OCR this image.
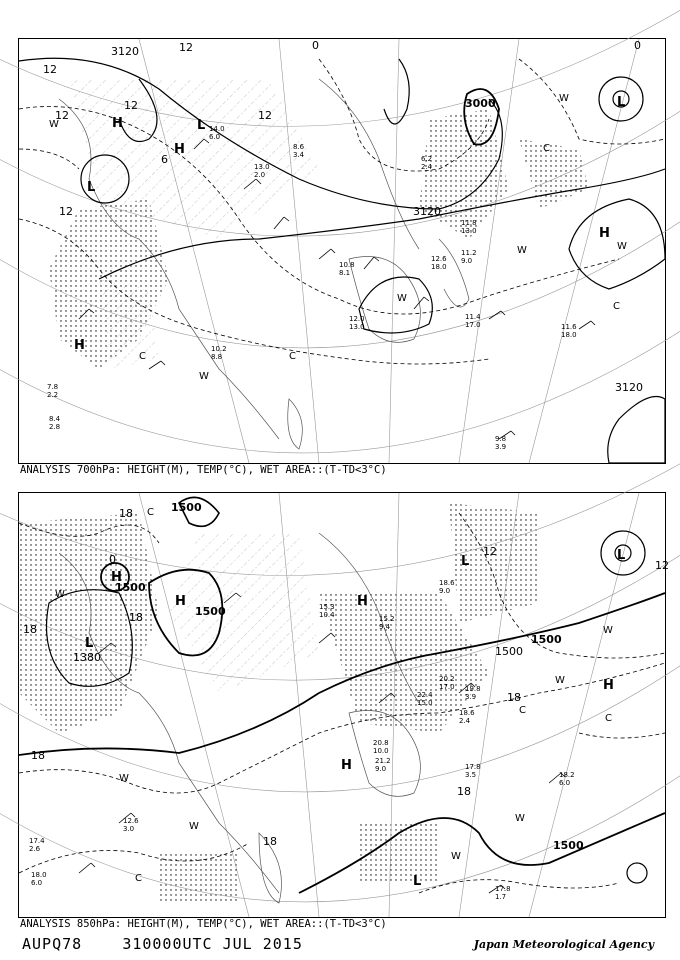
3120
3000
3120
3120
12
12
12
12
12
12	0	0
6
H
H
H
H
L
L
L
W
W
W
W	W
W
C
C
C
C
14.0
6.0
13.0
2.0
10.8
8.1
11.8
13.0
11.2
9.0
12.6
18.0
11.4
17.0	11.6
18.0
9.8
3.9
10.2
8.8
6.2
2.4
8.6
3.4
12.0
13.0
7.8
2.2
8.4
2.8
ANALYSIS 700hPa: HEIGHT(M), TEMP(°C), WET AREA::(T-TD<3°C)
1500
1500
1500
1500
1380
1500
1500
18
18
18
18
18
18
18
12
12
0
H
H	H
H
H
L	L
L
L
W
W
W
W
W
W
W
C
C
C
C
18.6
9.0
15.2
9.4
20.2
17.0
22.4
15.0
18.6
2.4
19.8
3.9
17.8
3.5	18.2
6.0
17.8
1.7
21.2
9.0
20.8
10.0
15.3
10.4
12.6
3.0
17.4
2.6
18.0
6.0
ANALYSIS 850hPa: HEIGHT(M), TEMP(°C), WET AREA::(T-TD<3°C)
AUPQ78	310000UTC JUL 2015	Japan Meteorological Agency
